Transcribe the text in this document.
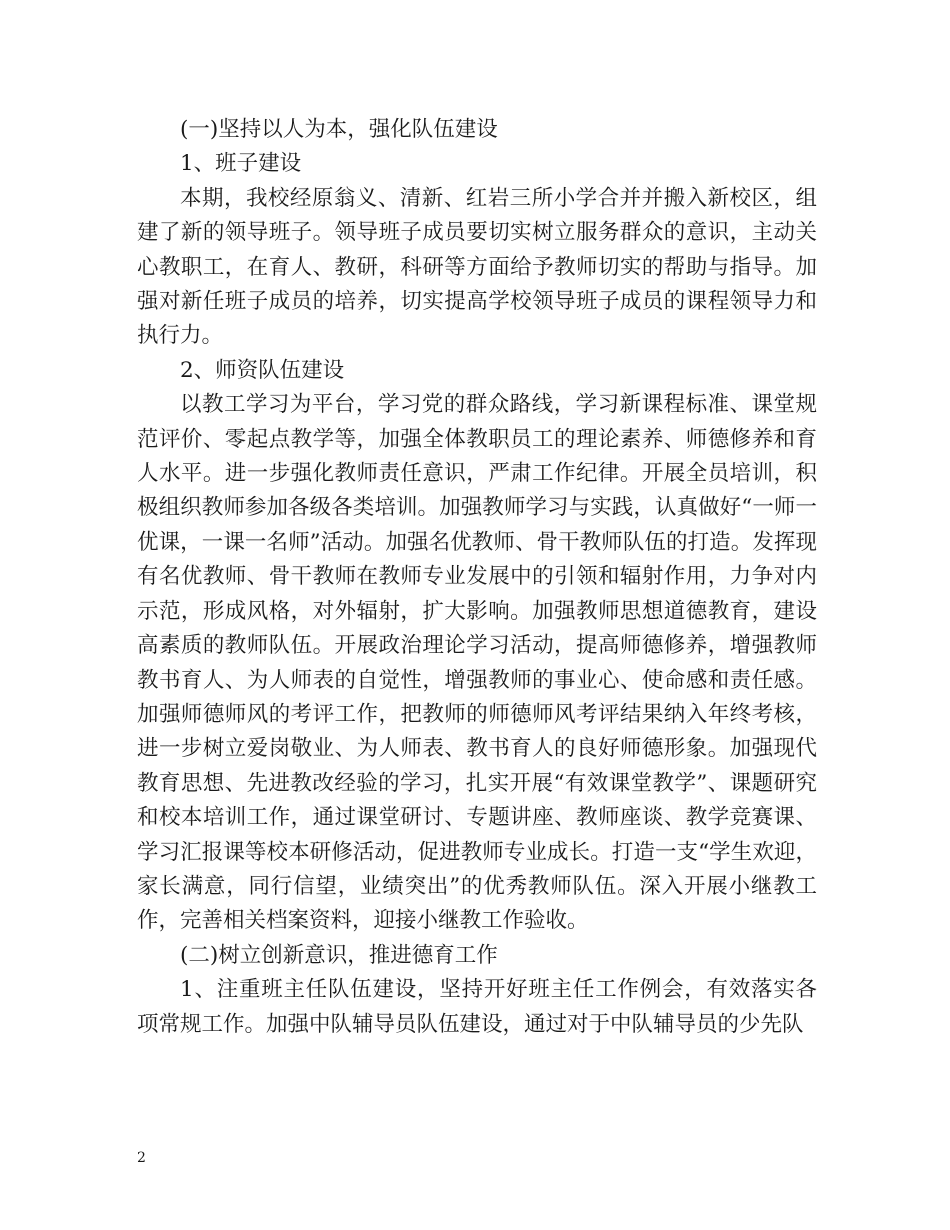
(一)坚持以人为本，强化队伍建设

1、班子建设

本期，我校经原翁义、清新、红岩三所小学合并并搬入新校区，组建了新的领导班子。领导班子成员要切实树立服务群众的意识，主动关心教职工，在育人、教研，科研等方面给予教师切实的帮助与指导。加强对新任班子成员的培养，切实提高学校领导班子成员的课程领导力和执行力。

2、师资队伍建设

以教工学习为平台，学习党的群众路线，学习新课程标准、课堂规范评价、零起点教学等，加强全体教职员工的理论素养、师德修养和育人水平。进一步强化教师责任意识，严肃工作纪律。开展全员培训，积极组织教师参加各级各类培训。加强教师学习与实践，认真做好“一师一优课，一课一名师”活动。加强名优教师、骨干教师队伍的打造。发挥现有名优教师、骨干教师在教师专业发展中的引领和辐射作用，力争对内示范，形成风格，对外辐射，扩大影响。加强教师思想道德教育，建设高素质的教师队伍。开展政治理论学习活动，提高师德修养，增强教师教书育人、为人师表的自觉性，增强教师的事业心、使命感和责任感。加强师德师风的考评工作，把教师的师德师风考评结果纳入年终考核，进一步树立爱岗敬业、为人师表、教书育人的良好师德形象。加强现代教育思想、先进教改经验的学习，扎实开展“有效课堂教学”、课题研究和校本培训工作，通过课堂研讨、专题讲座、教师座谈、教学竞赛课、学习汇报课等校本研修活动，促进教师专业成长。打造一支“学生欢迎，家长满意，同行信望，业绩突出”的优秀教师队伍。深入开展小继教工作，完善相关档案资料，迎接小继教工作验收。

(二)树立创新意识，推进德育工作

1、注重班主任队伍建设，坚持开好班主任工作例会，有效落实各项常规工作。加强中队辅导员队伍建设，通过对于中队辅导员的少先队

2
